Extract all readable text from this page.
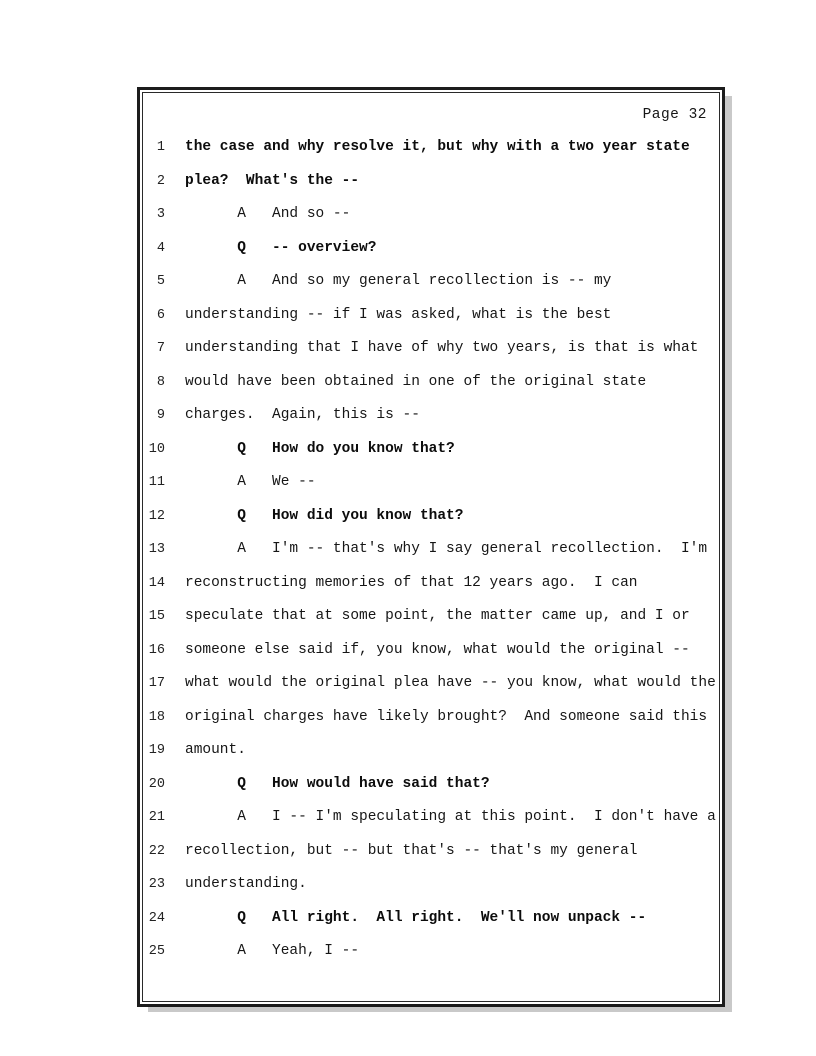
Page 32
1	the case and why resolve it, but why with a two year state
2	plea?  What's the --
3	A   And so --
4	Q   -- overview?
5	A   And so my general recollection is -- my
6	understanding -- if I was asked, what is the best
7	understanding that I have of why two years, is that is what
8	would have been obtained in one of the original state
9	charges.  Again, this is --
10	Q   How do you know that?
11	A   We --
12	Q   How did you know that?
13	A   I'm -- that's why I say general recollection.  I'm
14	reconstructing memories of that 12 years ago.  I can
15	speculate that at some point, the matter came up, and I or
16	someone else said if, you know, what would the original --
17	what would the original plea have -- you know, what would the
18	original charges have likely brought?  And someone said this
19	amount.
20	Q   How would have said that?
21	A   I -- I'm speculating at this point.  I don't have a
22	recollection, but -- but that's -- that's my general
23	understanding.
24	Q   All right.  All right.  We'll now unpack --
25	A   Yeah, I --
